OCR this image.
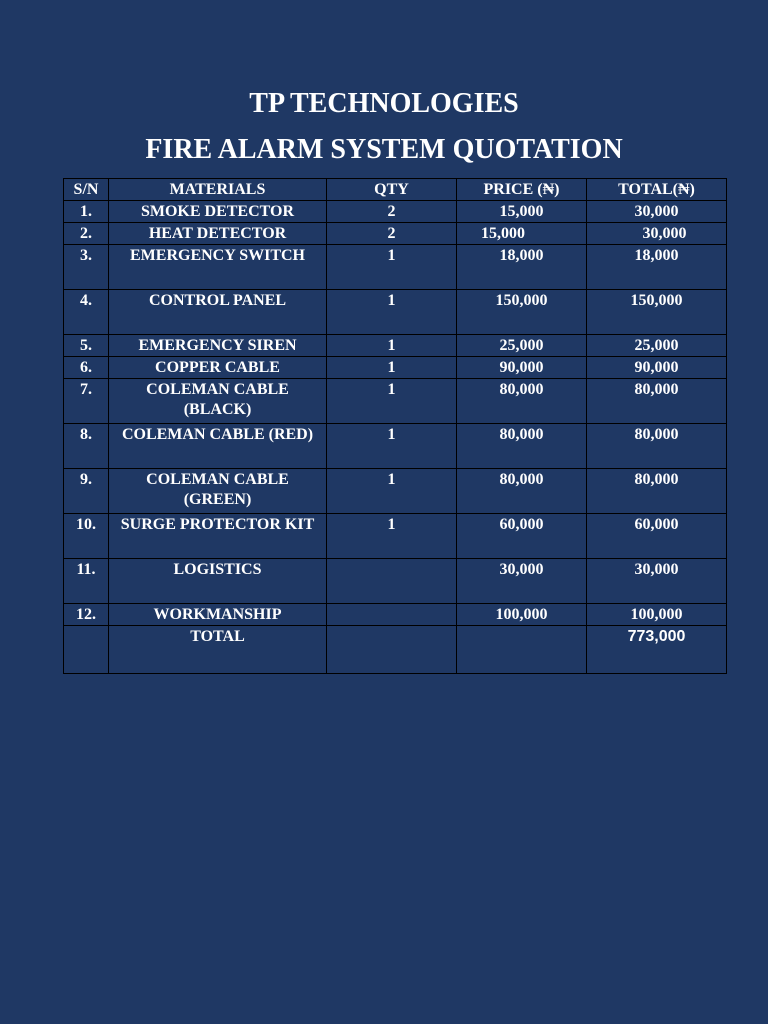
TP TECHNOLOGIES
FIRE ALARM SYSTEM QUOTATION
S/N	MATERIALS	QTY	PRICE (₦)	TOTAL(₦)
1.	SMOKE DETECTOR	2	15,000	30,000
2.	HEAT DETECTOR	2	15,000	30,000
3.	EMERGENCY SWITCH	1	18,000	18,000
4.	CONTROL PANEL	1	150,000	150,000
5.	EMERGENCY SIREN	1	25,000	25,000
6.	COPPER CABLE	1	90,000	90,000
7.	COLEMAN CABLE (BLACK)	1	80,000	80,000
8.	COLEMAN CABLE (RED)	1	80,000	80,000
9.	COLEMAN CABLE (GREEN)	1	80,000	80,000
10.	SURGE PROTECTOR KIT	1	60,000	60,000
11.	LOGISTICS		30,000	30,000
12.	WORKMANSHIP		100,000	100,000
	TOTAL			773,000
